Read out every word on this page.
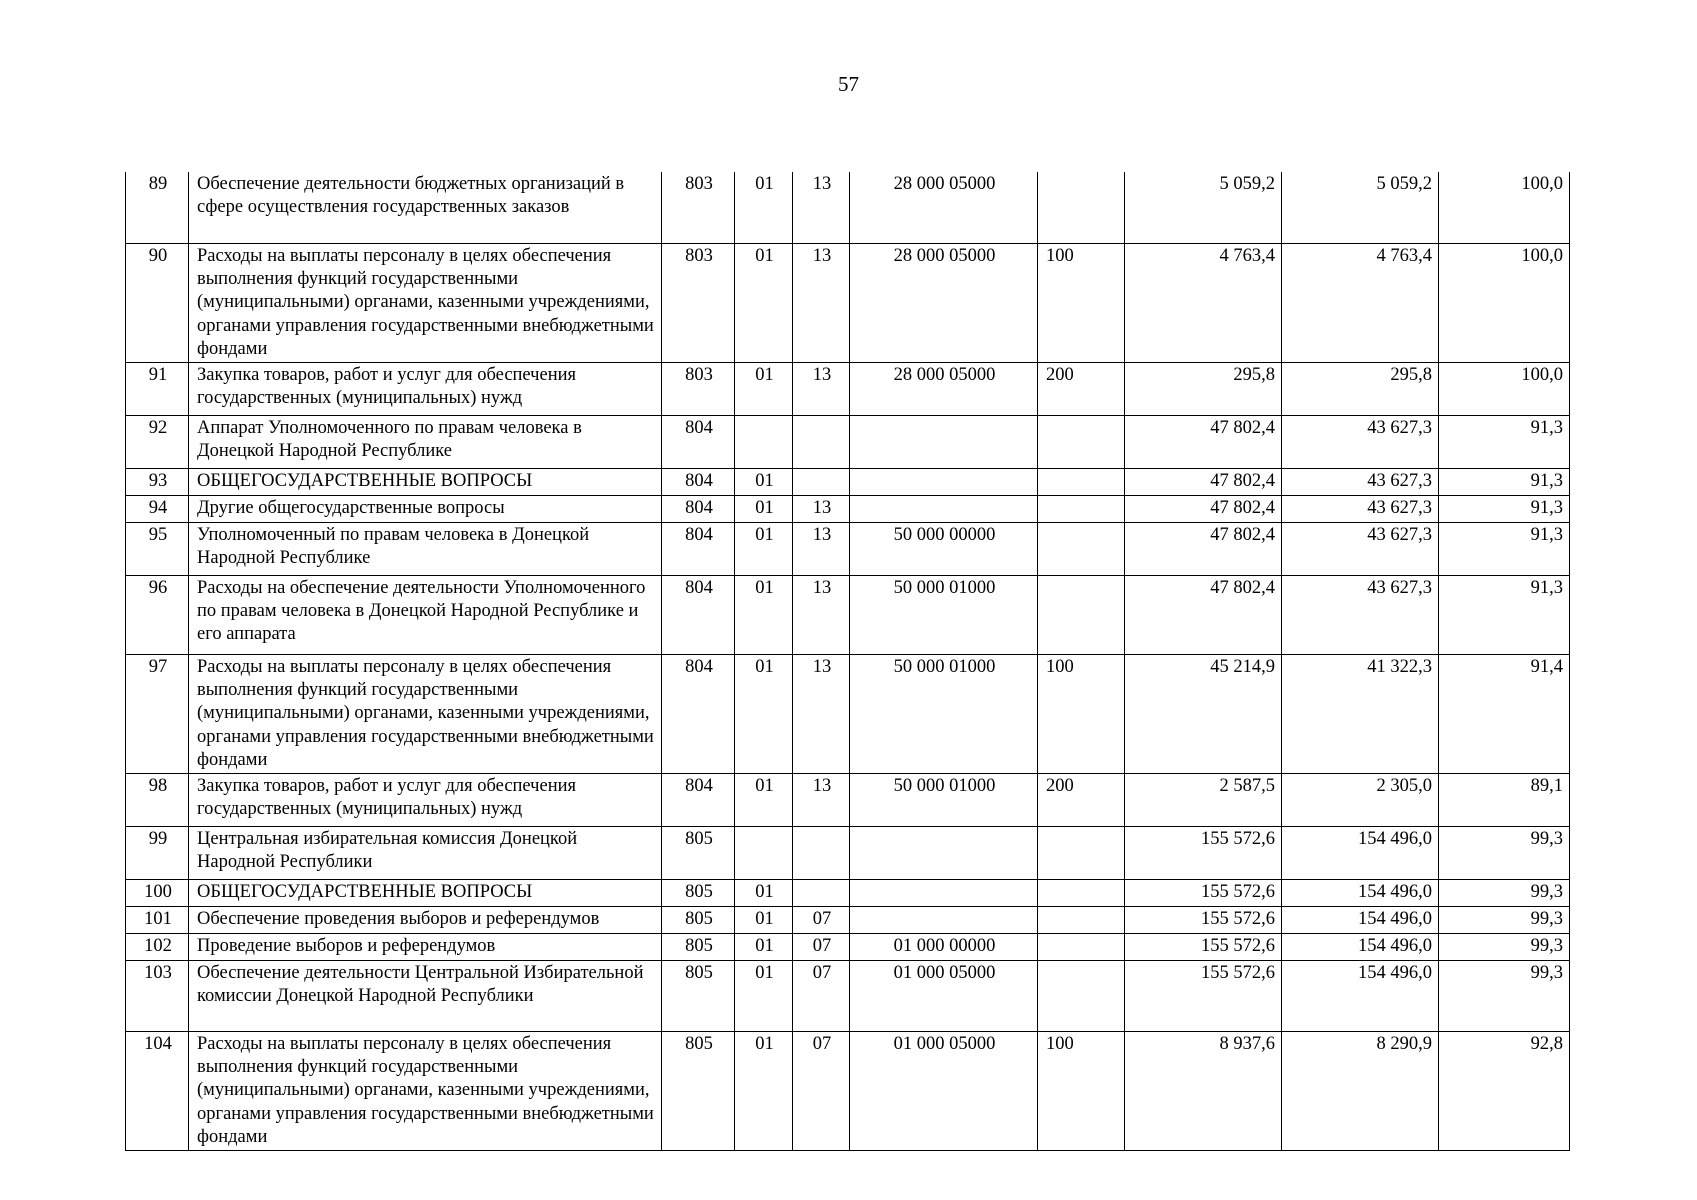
57
89	Обеспечение деятельности бюджетных организаций в сфере осуществления государственных заказов	803	01	13	28 000 05000		5 059,2	5 059,2	100,0
90	Расходы на выплаты персоналу в целях обеспечения выполнения функций государственными (муниципальными) органами, казенными учреждениями, органами управления государственными внебюджетными фондами	803	01	13	28 000 05000	100	4 763,4	4 763,4	100,0
91	Закупка товаров, работ и услуг для обеспечения государственных (муниципальных) нужд	803	01	13	28 000 05000	200	295,8	295,8	100,0
92	Аппарат Уполномоченного по правам человека в Донецкой Народной Республике	804					47 802,4	43 627,3	91,3
93	ОБЩЕГОСУДАРСТВЕННЫЕ ВОПРОСЫ	804	01				47 802,4	43 627,3	91,3
94	Другие общегосударственные вопросы	804	01	13			47 802,4	43 627,3	91,3
95	Уполномоченный по правам человека в Донецкой Народной Республике	804	01	13	50 000 00000		47 802,4	43 627,3	91,3
96	Расходы на обеспечение деятельности Уполномоченного по правам человека в Донецкой Народной Республике и его аппарата	804	01	13	50 000 01000		47 802,4	43 627,3	91,3
97	Расходы на выплаты персоналу в целях обеспечения выполнения функций государственными (муниципальными) органами, казенными учреждениями, органами управления государственными внебюджетными фондами	804	01	13	50 000 01000	100	45 214,9	41 322,3	91,4
98	Закупка товаров, работ и услуг для обеспечения государственных (муниципальных) нужд	804	01	13	50 000 01000	200	2 587,5	2 305,0	89,1
99	Центральная избирательная комиссия Донецкой Народной Республики	805					155 572,6	154 496,0	99,3
100	ОБЩЕГОСУДАРСТВЕННЫЕ ВОПРОСЫ	805	01				155 572,6	154 496,0	99,3
101	Обеспечение проведения выборов и референдумов	805	01	07			155 572,6	154 496,0	99,3
102	Проведение выборов и референдумов	805	01	07	01 000 00000		155 572,6	154 496,0	99,3
103	Обеспечение деятельности Центральной Избирательной комиссии Донецкой Народной Республики	805	01	07	01 000 05000		155 572,6	154 496,0	99,3
104	Расходы на выплаты персоналу в целях обеспечения выполнения функций государственными (муниципальными) органами, казенными учреждениями, органами управления государственными внебюджетными фондами	805	01	07	01 000 05000	100	8 937,6	8 290,9	92,8
